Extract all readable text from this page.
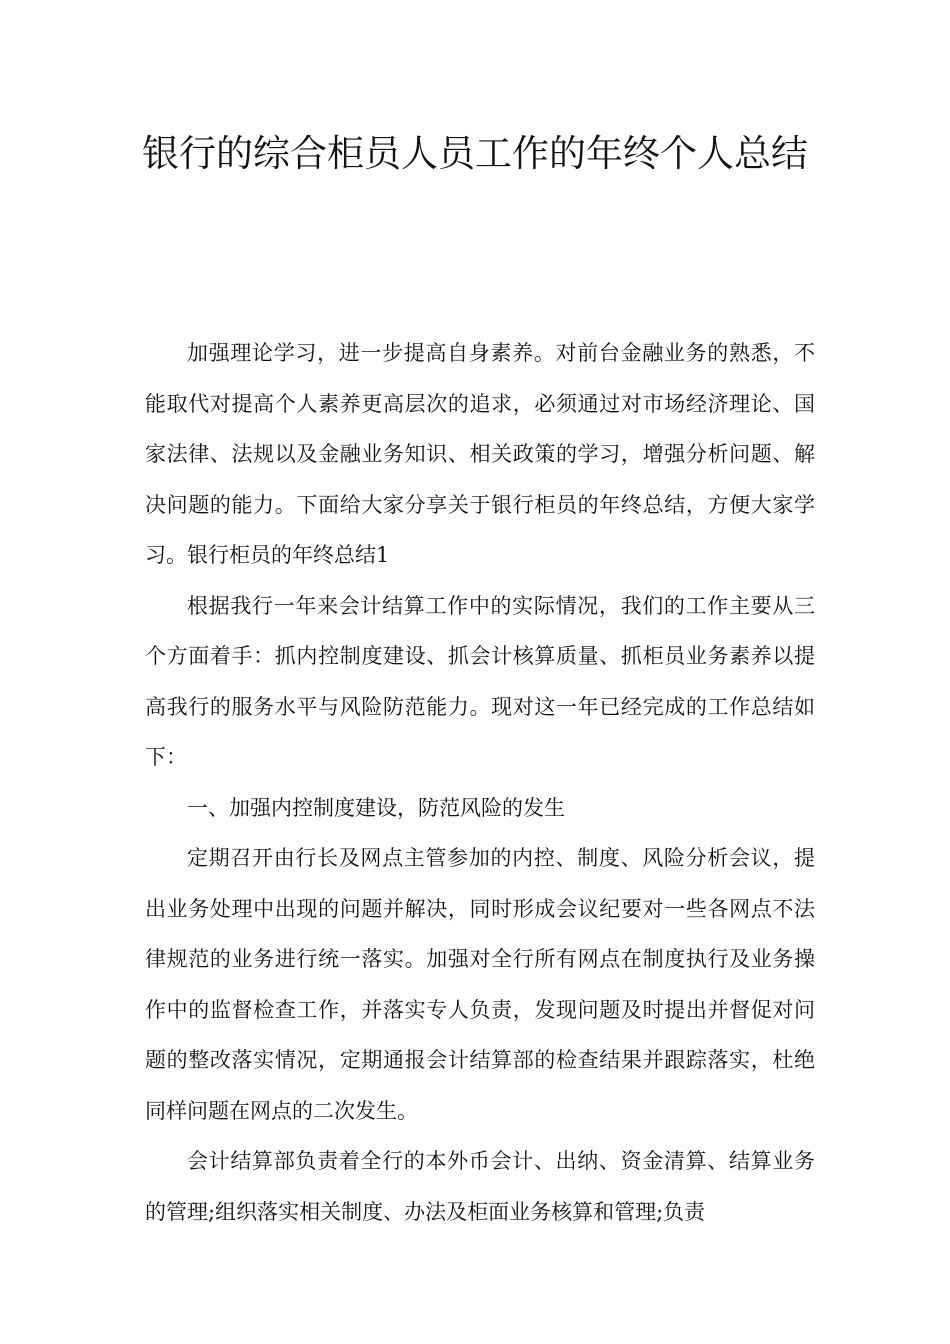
银行的综合柜员人员工作的年终个人总结

加强理论学习，进一步提高自身素养。对前台金融业务的熟悉，不能取代对提高个人素养更高层次的追求，必须通过对市场经济理论、国家法律、法规以及金融业务知识、相关政策的学习，增强分析问题、解决问题的能力。下面给大家分享关于银行柜员的年终总结，方便大家学习。银行柜员的年终总结1

根据我行一年来会计结算工作中的实际情况，我们的工作主要从三个方面着手：抓内控制度建设、抓会计核算质量、抓柜员业务素养以提高我行的服务水平与风险防范能力。现对这一年已经完成的工作总结如下：

一、加强内控制度建设，防范风险的发生

定期召开由行长及网点主管参加的内控、制度、风险分析会议，提出业务处理中出现的问题并解决，同时形成会议纪要对一些各网点不法律规范的业务进行统一落实。加强对全行所有网点在制度执行及业务操作中的监督检查工作，并落实专人负责，发现问题及时提出并督促对问题的整改落实情况，定期通报会计结算部的检查结果并跟踪落实，杜绝同样问题在网点的二次发生。

会计结算部负责着全行的本外币会计、出纳、资金清算、结算业务的管理;组织落实相关制度、办法及柜面业务核算和管理;负责
